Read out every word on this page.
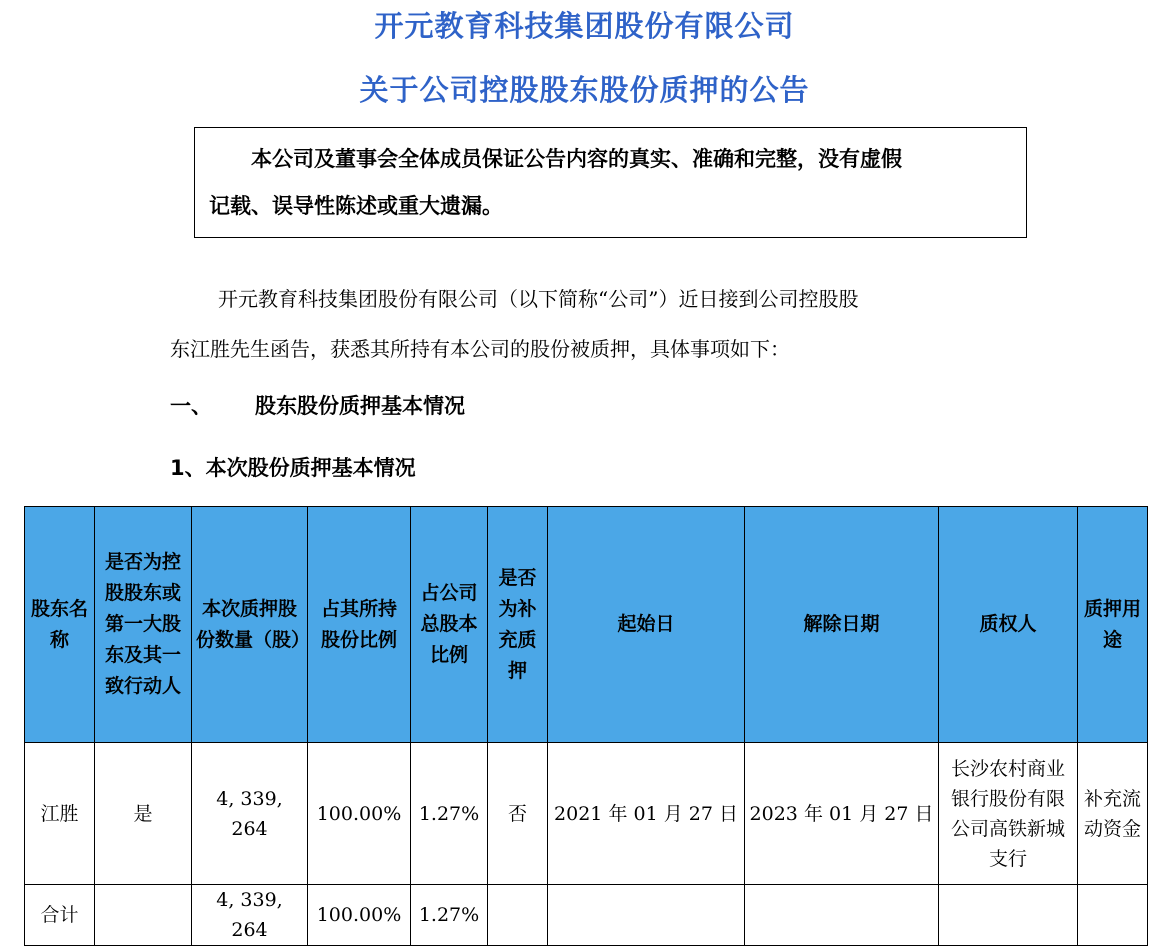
开元教育科技集团股份有限公司
关于公司控股股东股份质押的公告

本公司及董事会全体成员保证公告内容的真实、准确和完整，没有虚假

记载、误导性陈述或重大遗漏。

开元教育科技集团股份有限公司（以下简称“公司”）近日接到公司控股股

东江胜先生函告，获悉其所持有本公司的股份被质押，具体事项如下：
一、 股东股份质押基本情况
1、本次股份质押基本情况
股东名称	是否为控股股东或第一大股东及其一致行动人	本次质押股份数量（股）	占其所持股份比例	占公司总股本比例	是否为补充质押	起始日	解除日期	质权人	质押用途
江胜	是	4, 339, 264	100.00%	1.27%	否	2021 年 01 月 27 日	2023 年 01 月 27 日	长沙农村商业银行股份有限公司高铁新城支行	补充流动资金
合计		4, 339, 264	100.00%	1.27%					
